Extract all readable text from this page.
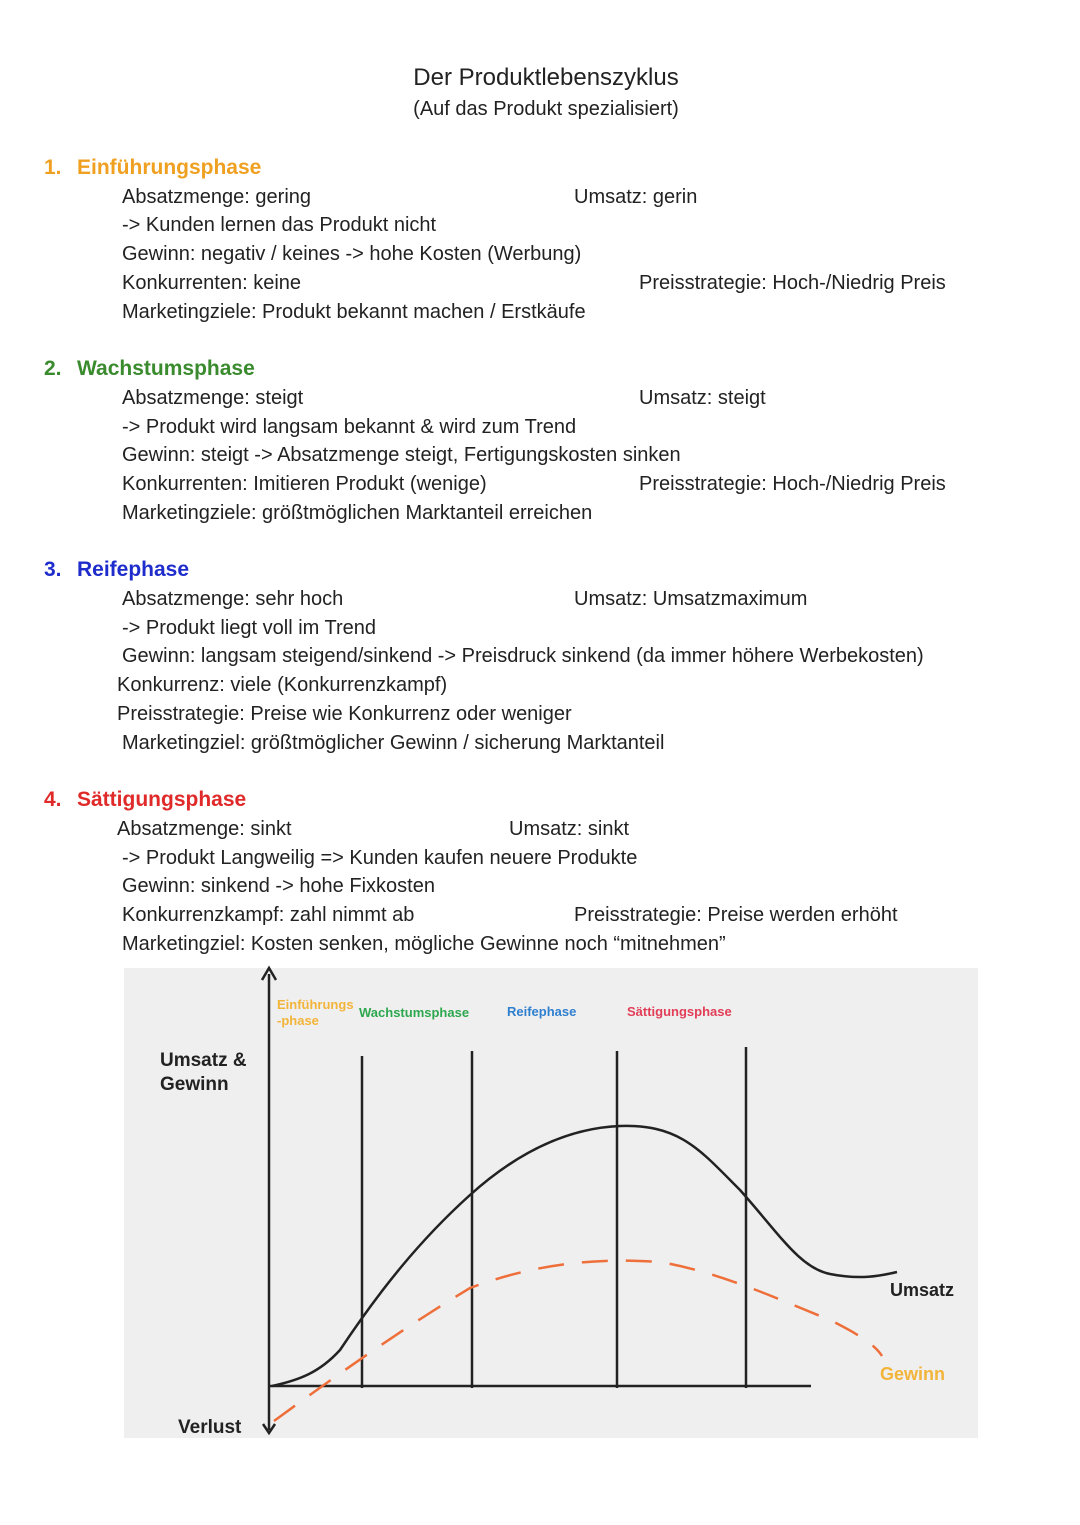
Der Produktlebenszyklus
(Auf das Produkt spezialisiert)
1. Einführungsphase
Absatzmenge: gering	Umsatz: gerin
-> Kunden lernen das Produkt nicht
Gewinn: negativ / keines -> hohe Kosten (Werbung)
Konkurrenten: keine	Preisstrategie: Hoch-/Niedrig Preis
Marketingziele: Produkt bekannt machen / Erstkäufe
2. Wachstumsphase
Absatzmenge: steigt	Umsatz: steigt
-> Produkt wird langsam bekannt & wird zum Trend
Gewinn: steigt -> Absatzmenge steigt, Fertigungskosten sinken
Konkurrenten: Imitieren Produkt (wenige)	Preisstrategie: Hoch-/Niedrig Preis
Marketingziele: größtmöglichen Marktanteil erreichen
3. Reifephase
Absatzmenge: sehr hoch	Umsatz: Umsatzmaximum
-> Produkt liegt voll im Trend
Gewinn: langsam steigend/sinkend -> Preisdruck sinkend (da immer höhere Werbekosten)
Konkurrenz: viele (Konkurrenzkampf)
Preisstrategie: Preise wie Konkurrenz oder weniger
Marketingziel: größtmöglicher Gewinn / sicherung Marktanteil
4. Sättigungsphase
Absatzmenge: sinkt	Umsatz: sinkt
-> Produkt Langweilig => Kunden kaufen neuere Produkte
Gewinn: sinkend -> hohe Fixkosten
Konkurrenzkampf: zahl nimmt ab	Preisstrategie: Preise werden erhöht
Marketingziel: Kosten senken, mögliche Gewinne noch “mitnehmen”
Umsatz &
Gewinn
Verlust
Einführungs
-phase
Wachstumsphase	Reifephase	Sättigungsphase
Umsatz
Gewinn
